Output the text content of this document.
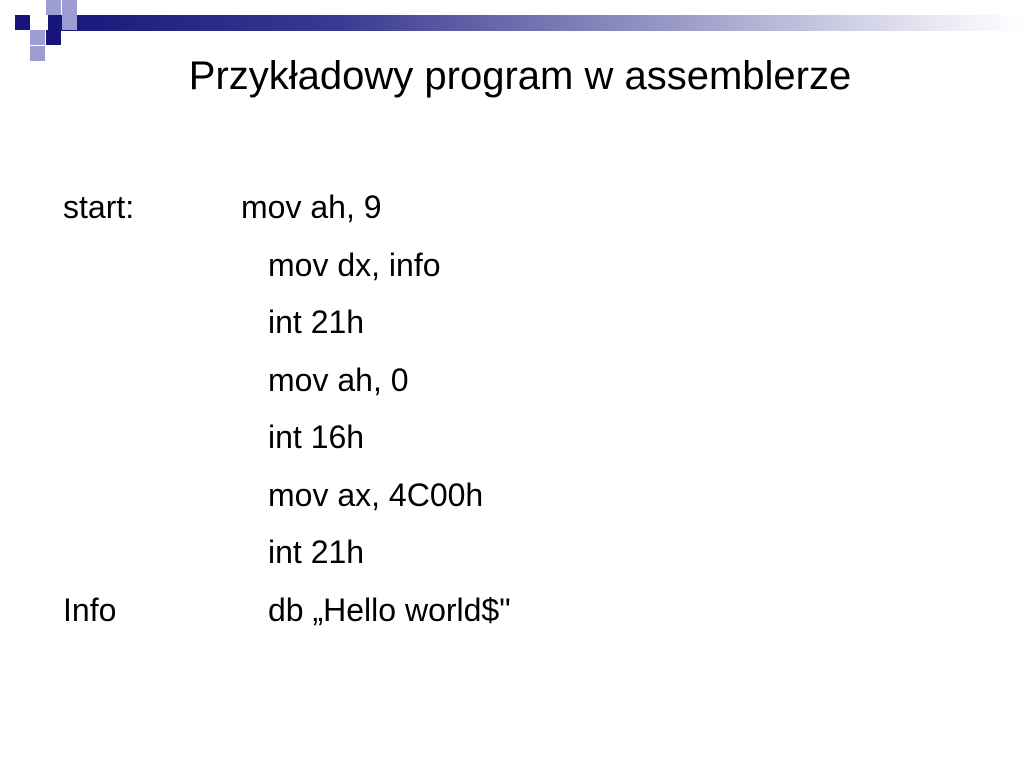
Przykładowy program w assemblerze
start:	mov ah, 9
mov dx, info
int 21h
mov ah, 0
int 16h
mov ax, 4C00h
int 21h
Info	db „Hello world$"
